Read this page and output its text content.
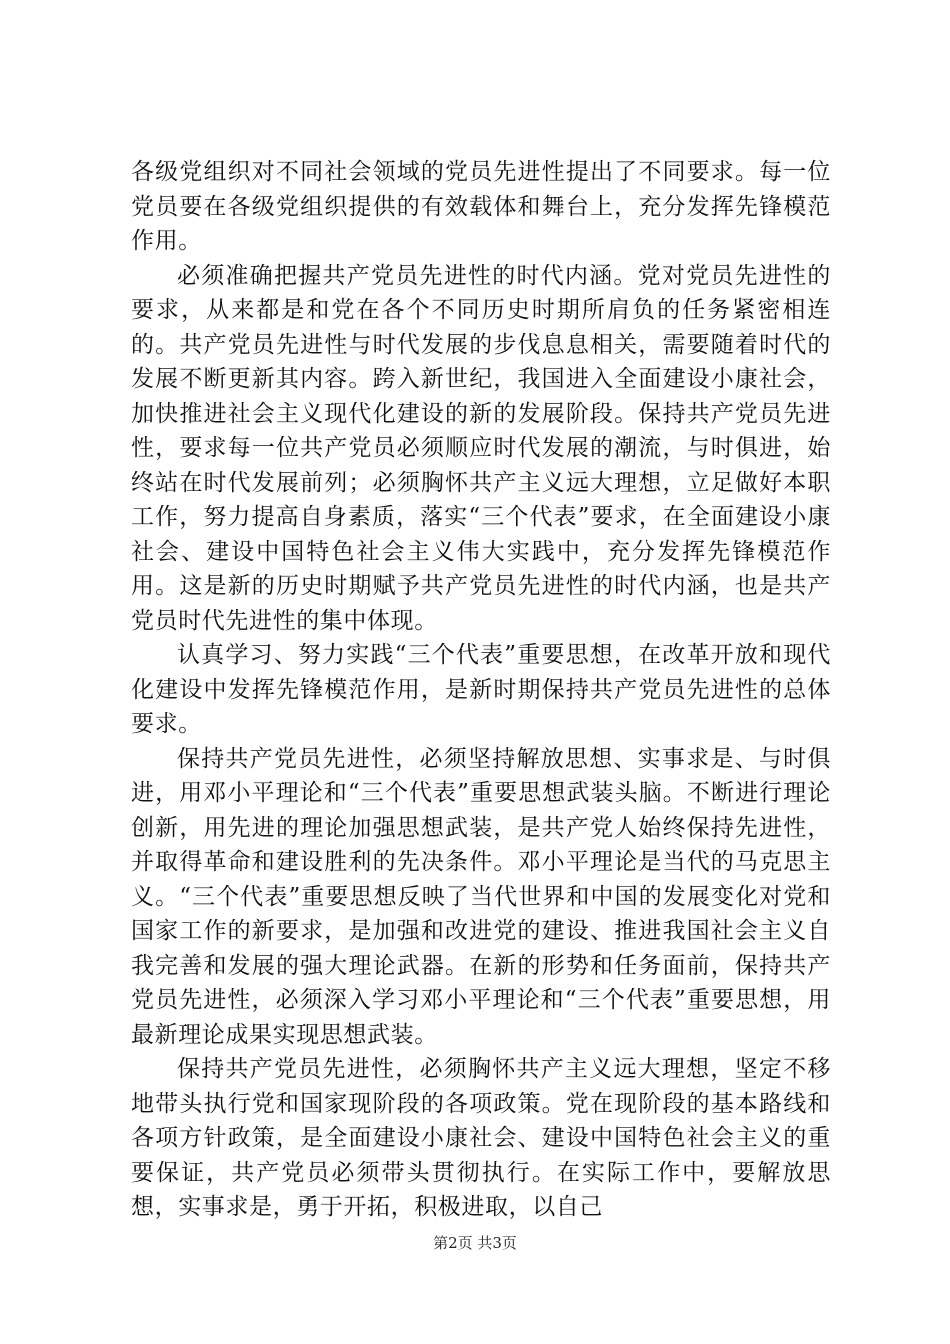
各级党组织对不同社会领域的党员先进性提出了不同要求。每一位党员要在各级党组织提供的有效载体和舞台上，充分发挥先锋模范作用。

必须准确把握共产党员先进性的时代内涵。党对党员先进性的要求，从来都是和党在各个不同历史时期所肩负的任务紧密相连的。共产党员先进性与时代发展的步伐息息相关，需要随着时代的发展不断更新其内容。跨入新世纪，我国进入全面建设小康社会，加快推进社会主义现代化建设的新的发展阶段。保持共产党员先进性，要求每一位共产党员必须顺应时代发展的潮流，与时俱进，始终站在时代发展前列；必须胸怀共产主义远大理想，立足做好本职工作，努力提高自身素质，落实“三个代表”要求，在全面建设小康社会、建设中国特色社会主义伟大实践中，充分发挥先锋模范作用。这是新的历史时期赋予共产党员先进性的时代内涵，也是共产党员时代先进性的集中体现。

认真学习、努力实践“三个代表”重要思想，在改革开放和现代化建设中发挥先锋模范作用，是新时期保持共产党员先进性的总体要求。

保持共产党员先进性，必须坚持解放思想、实事求是、与时俱进，用邓小平理论和“三个代表”重要思想武装头脑。不断进行理论创新，用先进的理论加强思想武装，是共产党人始终保持先进性，并取得革命和建设胜利的先决条件。邓小平理论是当代的马克思主义。“三个代表”重要思想反映了当代世界和中国的发展变化对党和国家工作的新要求，是加强和改进党的建设、推进我国社会主义自我完善和发展的强大理论武器。在新的形势和任务面前，保持共产党员先进性，必须深入学习邓小平理论和“三个代表”重要思想，用最新理论成果实现思想武装。

保持共产党员先进性，必须胸怀共产主义远大理想，坚定不移地带头执行党和国家现阶段的各项政策。党在现阶段的基本路线和各项方针政策，是全面建设小康社会、建设中国特色社会主义的重要保证，共产党员必须带头贯彻执行。在实际工作中，要解放思想，实事求是，勇于开拓，积极进取，以自己

第2页 共3页
